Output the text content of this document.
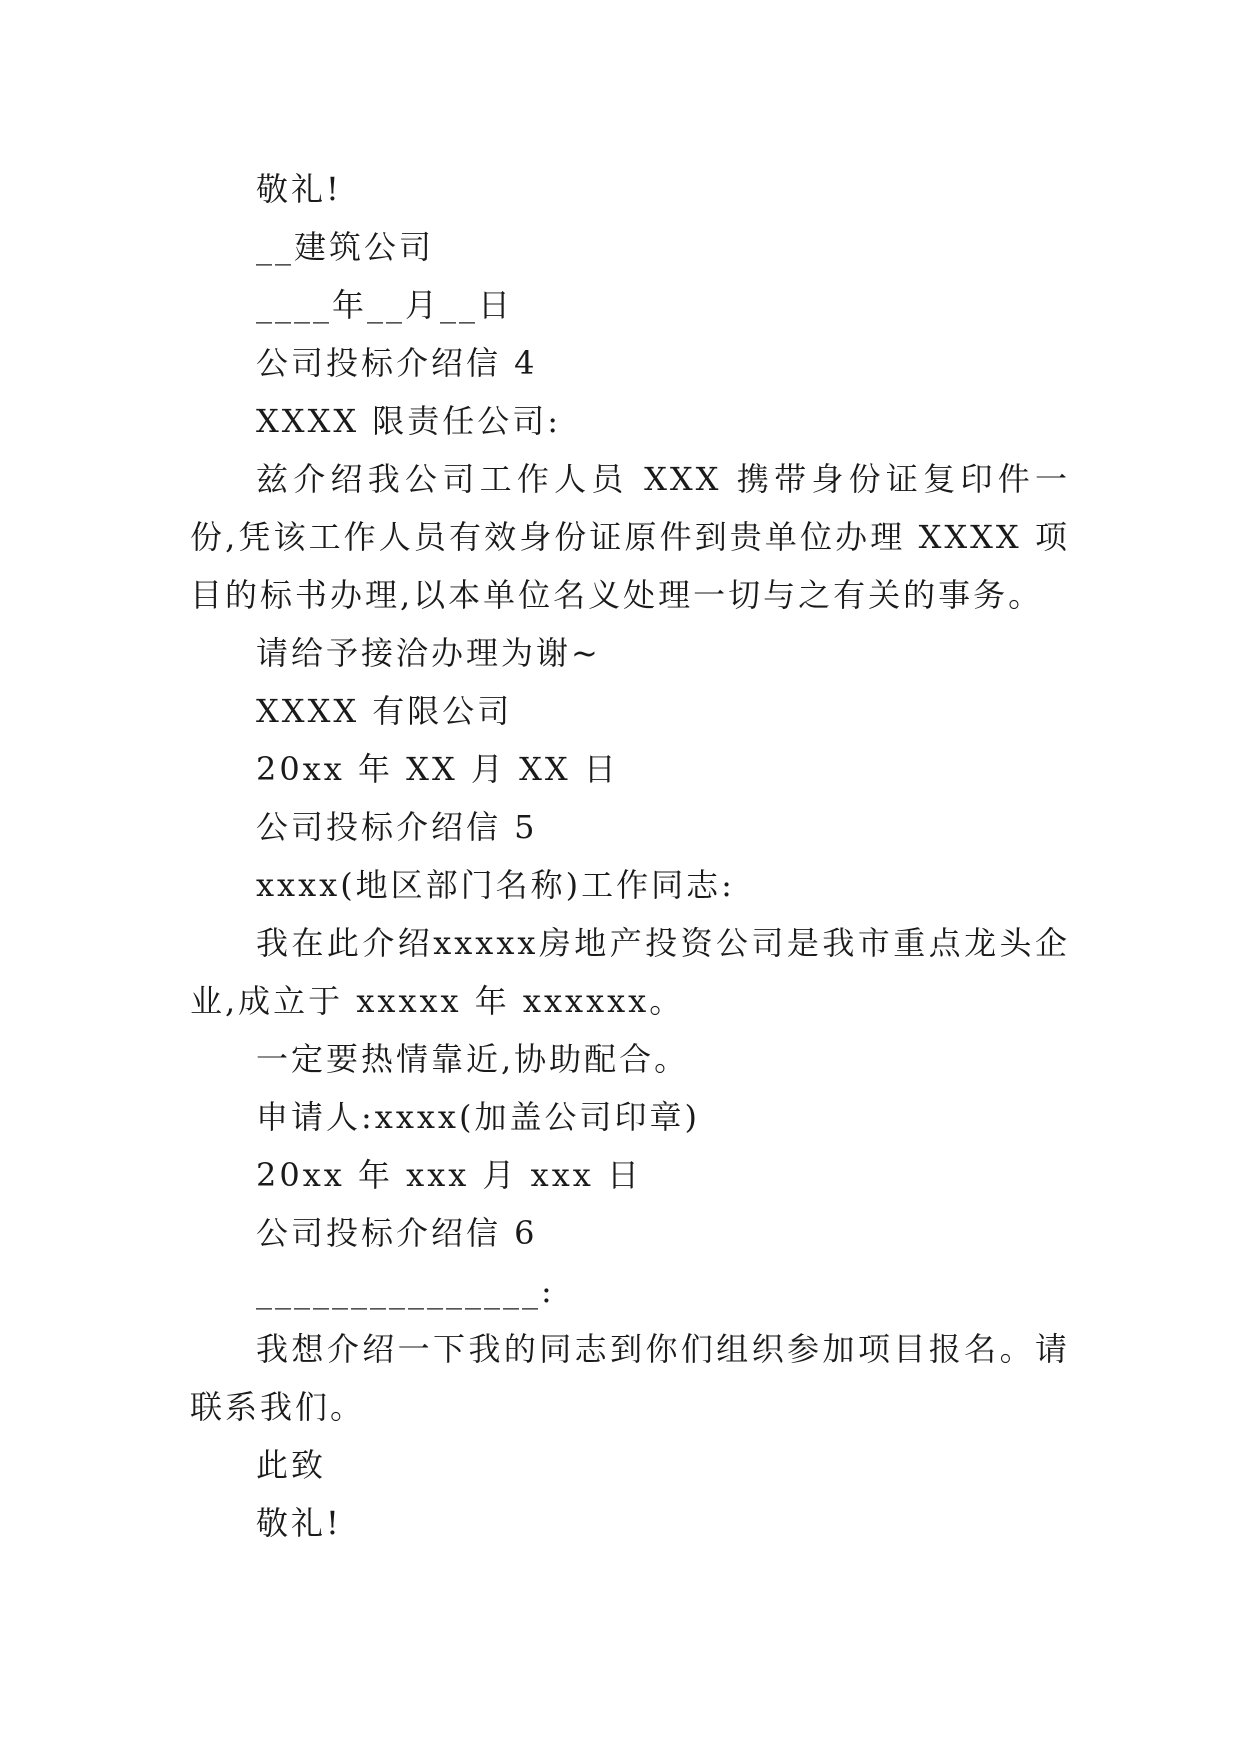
敬礼!
__建筑公司
____年__月__日
公司投标介绍信 4
XXXX 限责任公司:
兹介绍我公司工作人员 XXX 携带身份证复印件一份,凭该工作人员有效身份证原件到贵单位办理 XXXX 项目的标书办理,以本单位名义处理一切与之有关的事务。
请给予接洽办理为谢~
XXXX 有限公司
20xx 年 XX 月 XX 日
公司投标介绍信 5
xxxx(地区部门名称)工作同志:
我在此介绍xxxxx房地产投资公司是我市重点龙头企业,成立于 xxxxx 年 xxxxxx。
一定要热情靠近,协助配合。
申请人:xxxx(加盖公司印章)
20xx 年 xxx 月 xxx 日
公司投标介绍信 6
_______________:
我想介绍一下我的同志到你们组织参加项目报名。请联系我们。
此致
敬礼!
